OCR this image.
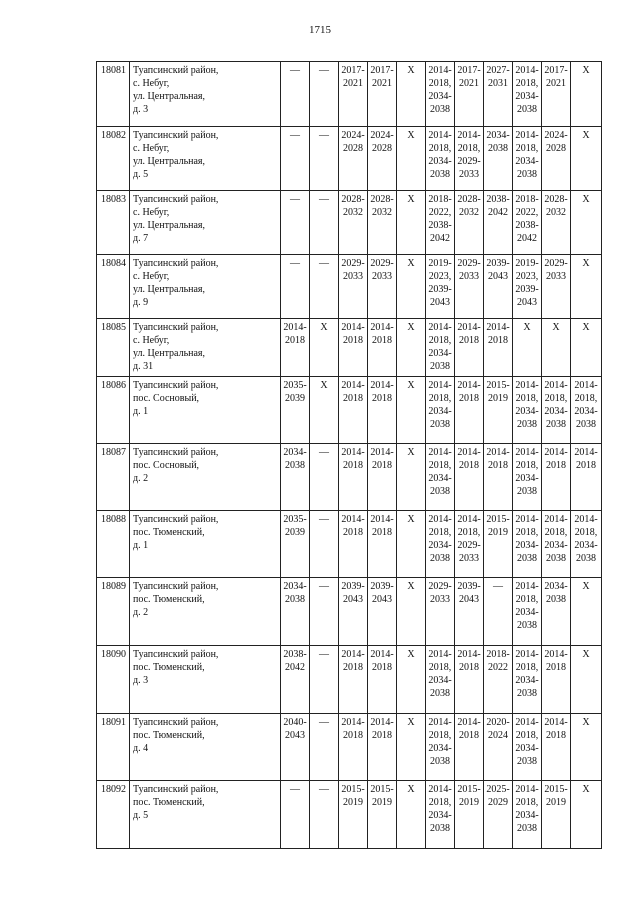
1715
18081	Туапсинский район,
с. Небуг,
ул. Центральная,
д. 3	—	—	2017-
2021	2017-
2021	X	2014-
2018,
2034-
2038	2017-
2021	2027-
2031	2014-
2018,
2034-
2038	2017-
2021	X

18082	Туапсинский район,
с. Небуг,
ул. Центральная,
д. 5	—	—	2024-
2028	2024-
2028	X	2014-
2018,
2034-
2038	2014-
2018,
2029-
2033	2034-
2038	2014-
2018,
2034-
2038	2024-
2028	X

18083	Туапсинский район,
с. Небуг,
ул. Центральная,
д. 7	—	—	2028-
2032	2028-
2032	X	2018-
2022,
2038-
2042	2028-
2032	2038-
2042	2018-
2022,
2038-
2042	2028-
2032	X

18084	Туапсинский район,
с. Небуг,
ул. Центральная,
д. 9	—	—	2029-
2033	2029-
2033	X	2019-
2023,
2039-
2043	2029-
2033	2039-
2043	2019-
2023,
2039-
2043	2029-
2033	X

18085	Туапсинский район,
с. Небуг,
ул. Центральная,
д. 31	2014-
2018	X	2014-
2018	2014-
2018	X	2014-
2018,
2034-
2038	2014-
2018	2014-
2018	X	X	X

18086	Туапсинский район,
пос. Сосновый,
д. 1	2035-
2039	X	2014-
2018	2014-
2018	X	2014-
2018,
2034-
2038	2014-
2018	2015-
2019	2014-
2018,
2034-
2038	2014-
2018,
2034-
2038	2014-
2018,
2034-
2038

18087	Туапсинский район,
пос. Сосновый,
д. 2	2034-
2038	—	2014-
2018	2014-
2018	X	2014-
2018,
2034-
2038	2014-
2018	2014-
2018	2014-
2018,
2034-
2038	2014-
2018	2014-
2018

18088	Туапсинский район,
пос. Тюменский,
д. 1	2035-
2039	—	2014-
2018	2014-
2018	X	2014-
2018,
2034-
2038	2014-
2018,
2029-
2033	2015-
2019	2014-
2018,
2034-
2038	2014-
2018,
2034-
2038	2014-
2018,
2034-
2038

18089	Туапсинский район,
пос. Тюменский,
д. 2	2034-
2038	—	2039-
2043	2039-
2043	X	2029-
2033	2039-
2043	—	2014-
2018,
2034-
2038	2034-
2038	X

18090	Туапсинский район,
пос. Тюменский,
д. 3	2038-
2042	—	2014-
2018	2014-
2018	X	2014-
2018,
2034-
2038	2014-
2018	2018-
2022	2014-
2018,
2034-
2038	2014-
2018	X

18091	Туапсинский район,
пос. Тюменский,
д. 4	2040-
2043	—	2014-
2018	2014-
2018	X	2014-
2018,
2034-
2038	2014-
2018	2020-
2024	2014-
2018,
2034-
2038	2014-
2018	X

18092	Туапсинский район,
пос. Тюменский,
д. 5	—	—	2015-
2019	2015-
2019	X	2014-
2018,
2034-
2038	2015-
2019	2025-
2029	2014-
2018,
2034-
2038	2015-
2019	X
